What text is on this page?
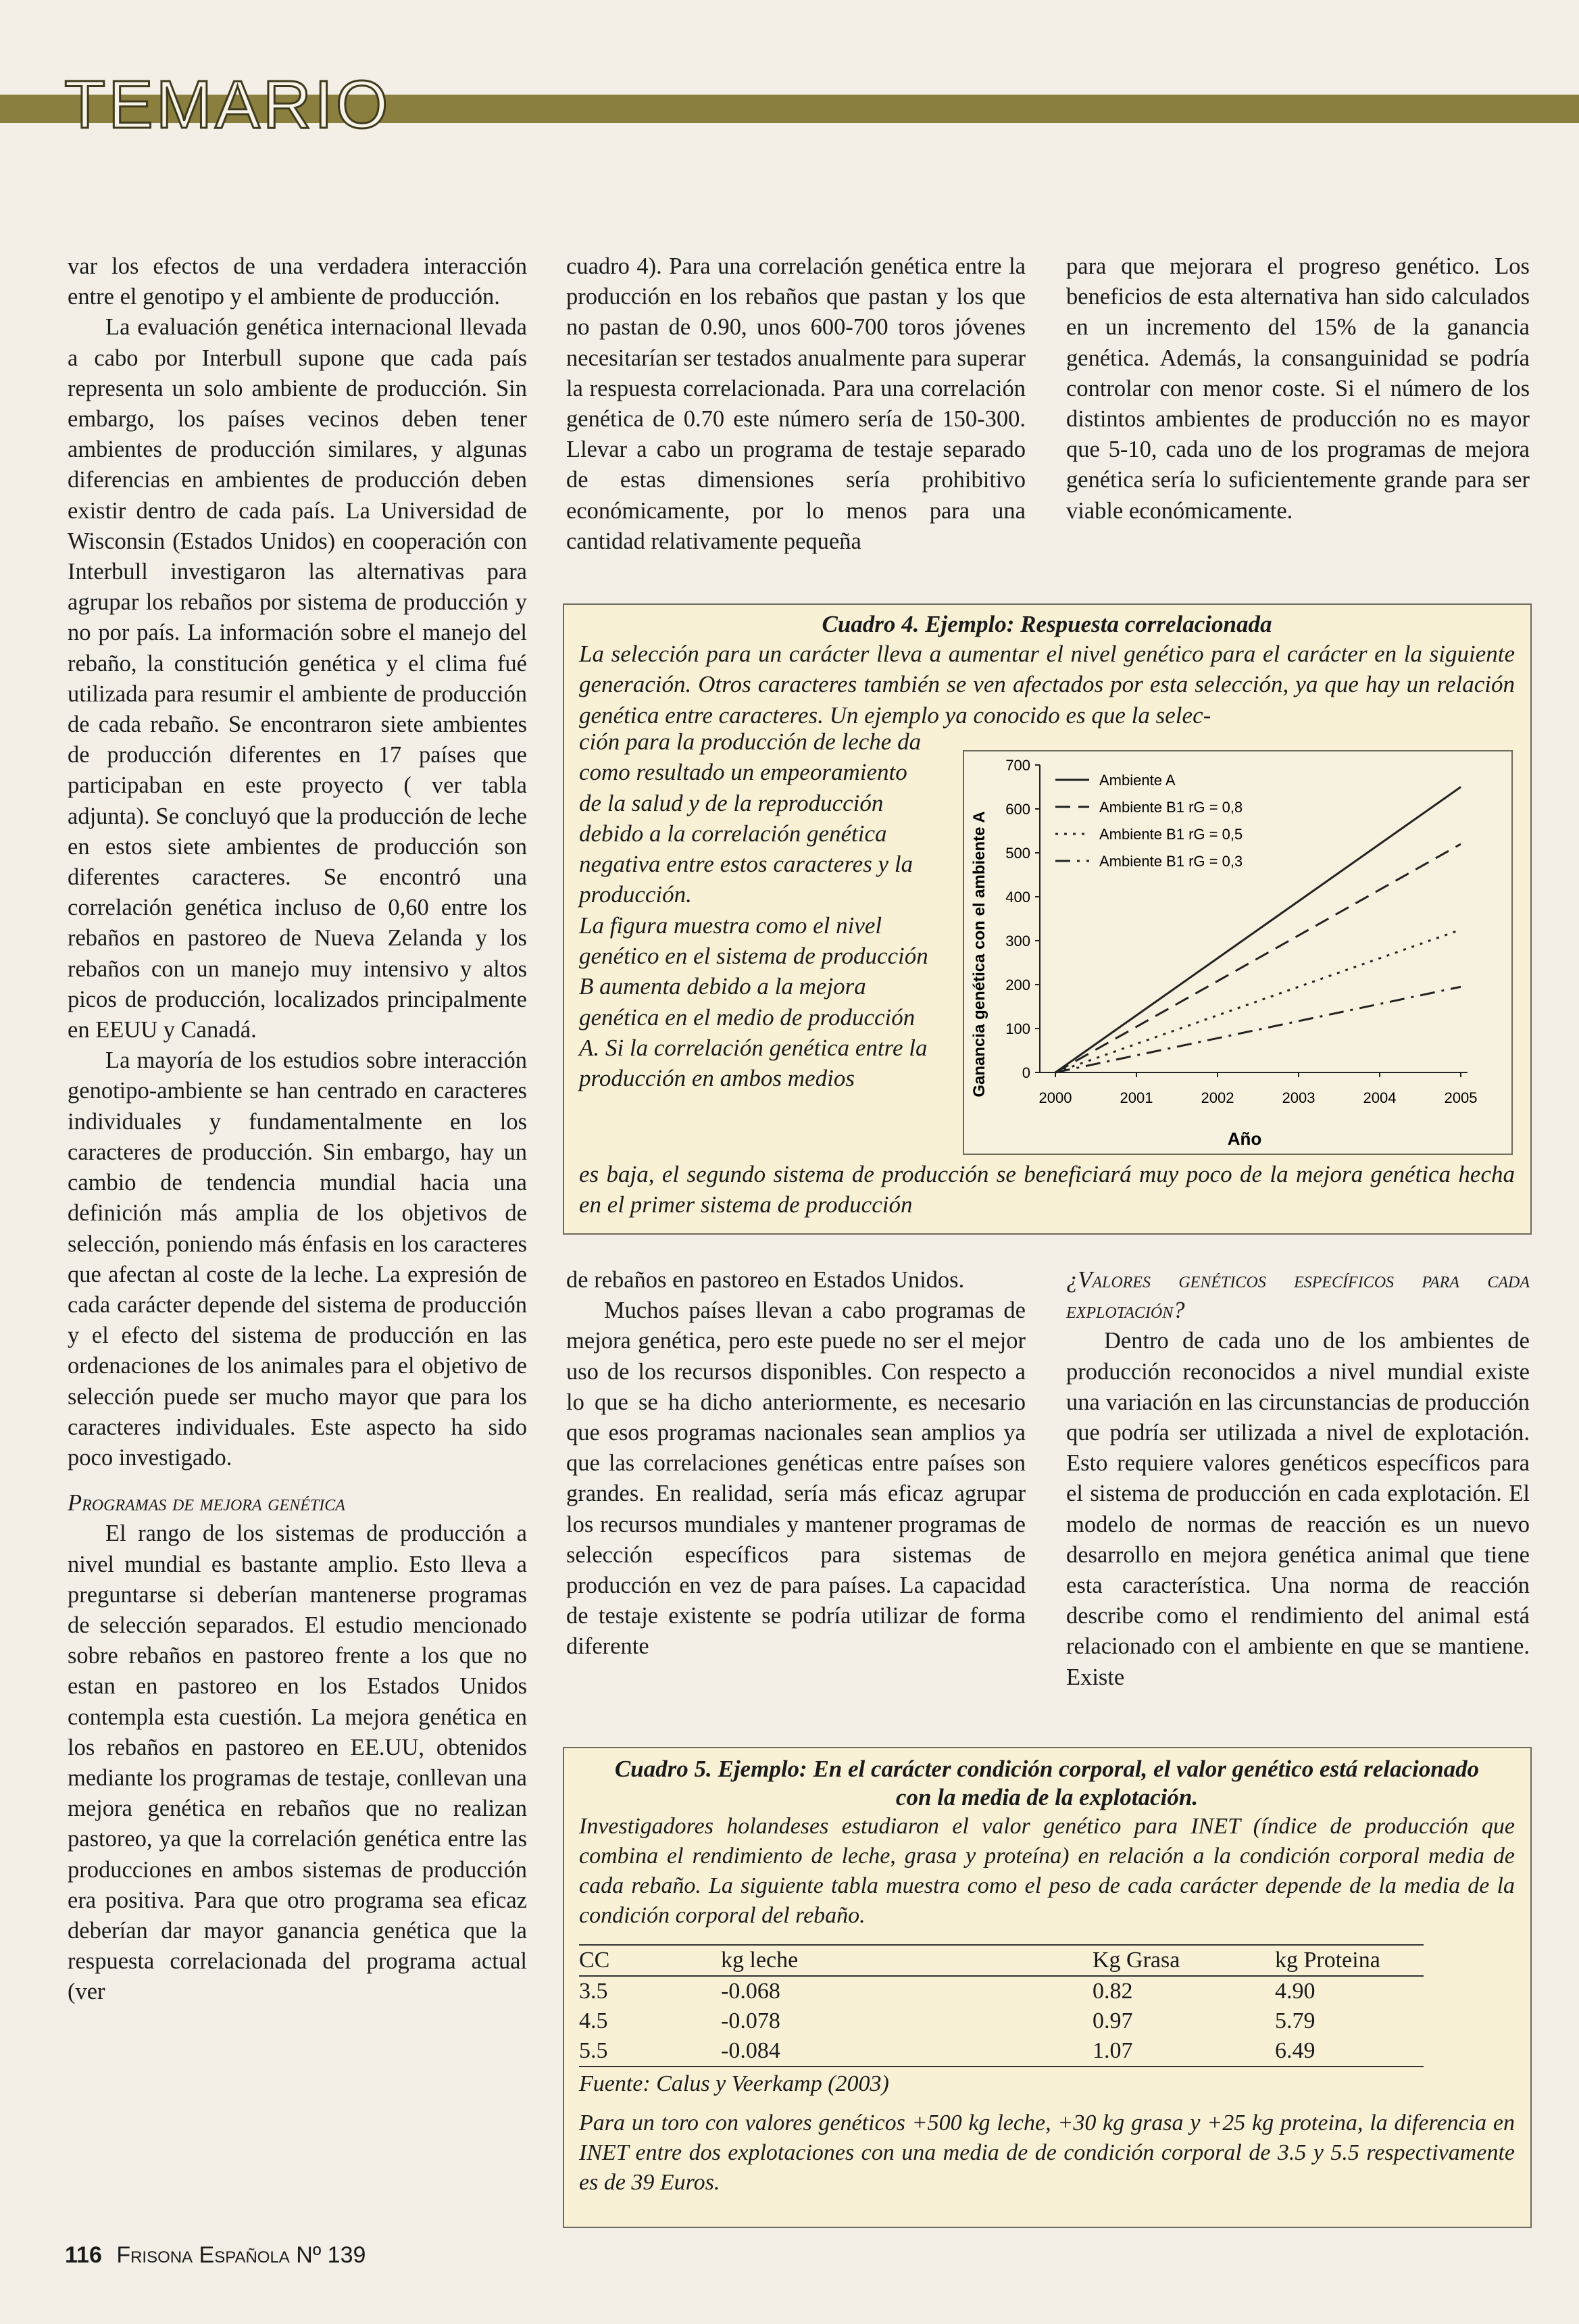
TEMARIO

var los efectos de una verdadera interacción entre el genotipo y el ambiente de producción.

La evaluación genética internacional llevada a cabo por Interbull supone que cada país representa un solo ambiente de producción. Sin embargo, los países vecinos deben tener ambientes de producción similares, y algunas diferencias en ambientes de producción deben existir dentro de cada país. La Universidad de Wisconsin (Estados Unidos) en cooperación con Interbull investigaron las alternativas para agrupar los rebaños por sistema de producción y no por país. La información sobre el manejo del rebaño, la constitución genética y el clima fué utilizada para resumir el ambiente de producción de cada rebaño. Se encontraron siete ambientes de producción diferentes en 17 países que participaban en este proyecto ( ver tabla adjunta). Se concluyó que la producción de leche en estos siete ambientes de producción son diferentes caracteres. Se encontró una correlación genética incluso de 0,60 entre los rebaños en pastoreo de Nueva Zelanda y los rebaños con un manejo muy intensivo y altos picos de producción, localizados principalmente en EEUU y Canadá.

La mayoría de los estudios sobre interacción genotipo-ambiente se han centrado en caracteres individuales y fundamentalmente en los caracteres de producción. Sin embargo, hay un cambio de tendencia mundial hacia una definición más amplia de los objetivos de selección, poniendo más énfasis en los caracteres que afectan al coste de la leche. La expresión de cada carácter depende del sistema de producción y el efecto del sistema de producción en las ordenaciones de los animales para el objetivo de selección puede ser mucho mayor que para los caracteres individuales. Este aspecto ha sido poco investigado.

Programas de mejora genética

El rango de los sistemas de producción a nivel mundial es bastante amplio. Esto lleva a preguntarse si deberían mantenerse programas de selección separados. El estudio mencionado sobre rebaños en pastoreo frente a los que no estan en pastoreo en los Estados Unidos contempla esta cuestión. La mejora genética en los rebaños en pastoreo en EE.UU, obtenidos mediante los programas de testaje, conllevan una mejora genética en rebaños que no realizan pastoreo, ya que la correlación genética entre las producciones en ambos sistemas de producción era positiva. Para que otro programa sea eficaz deberían dar mayor ganancia genética que la respuesta correlacionada del programa actual (ver

cuadro 4). Para una correlación genética entre la producción en los rebaños que pastan y los que no pastan de 0.90, unos 600-700 toros jóvenes necesitarían ser testados anualmente para superar la respuesta correlacionada. Para una correlación genética de 0.70 este número sería de 150-300. Llevar a cabo un programa de testaje separado de estas dimensiones sería prohibitivo económicamente, por lo menos para una cantidad relativamente pequeña

para que mejorara el progreso genético. Los beneficios de esta alternativa han sido calculados en un incremento del 15% de la ganancia genética. Además, la consanguinidad se podría controlar con menor coste. Si el número de los distintos ambientes de producción no es mayor que 5-10, cada uno de los programas de mejora genética sería lo suficientemente grande para ser viable económicamente.

Cuadro 4. Ejemplo: Respuesta correlacionada
La selección para un carácter lleva a aumentar el nivel genético para el carácter en la siguiente generación. Otros caracteres también se ven afectados por esta selección, ya que hay un relación genética entre caracteres. Un ejemplo ya conocido es que la selec-
ción para la producción de leche da como resultado un empeoramiento de la salud y de la reproducción debido a la correlación genética negativa entre estos caracteres y la producción.
La figura muestra como el nivel genético en el sistema de producción B aumenta debido a la mejora genética en el medio de producción A. Si la correlación genética entre la producción en ambos medios
es baja, el segundo sistema de producción se beneficiará muy poco de la mejora genética hecha en el primer sistema de producción
0
100
200
300
400
500
600
700
2000	2001	2002	2003	2004	2005
Ambiente A
Ambiente B1 rG = 0,8
Ambiente B1 rG = 0,5
Ambiente B1 rG = 0,3
Ganancia genética con el ambiente A
Año

de rebaños en pastoreo en Estados Unidos.

Muchos países llevan a cabo programas de mejora genética, pero este puede no ser el mejor uso de los recursos disponibles. Con respecto a lo que se ha dicho anteriormente, es necesario que esos programas nacionales sean amplios ya que las correlaciones genéticas entre países son grandes. En realidad, sería más eficaz agrupar los recursos mundiales y mantener programas de selección específicos para sistemas de producción en vez de para países. La capacidad de testaje existente se podría utilizar de forma diferente

¿Valores genéticos específicos para cada explotación?

Dentro de cada uno de los ambientes de producción reconocidos a nivel mundial existe una variación en las circunstancias de producción que podría ser utilizada a nivel de explotación. Esto requiere valores genéticos específicos para el sistema de producción en cada explotación. El modelo de normas de reacción es un nuevo desarrollo en mejora genética animal que tiene esta característica. Una norma de reacción describe como el rendimiento del animal está relacionado con el ambiente en que se mantiene. Existe

Cuadro 5. Ejemplo: En el carácter condición corporal, el valor genético está relacionado con la media de la explotación.
Investigadores holandeses estudiaron el valor genético para INET (índice de producción que combina el rendimiento de leche, grasa y proteína) en relación a la condición corporal media de cada rebaño. La siguiente tabla muestra como el peso de cada carácter depende de la media de la condición corporal del rebaño.
CC	kg leche	Kg Grasa	kg Proteina
3.5	-0.068	0.82	4.90
4.5	-0.078	0.97	5.79
5.5	-0.084	1.07	6.49
Fuente: Calus y Veerkamp (2003)
Para un toro con valores genéticos +500 kg leche, +30 kg grasa y +25 kg proteina, la diferencia en INET entre dos explotaciones con una media de de condición corporal de 3.5 y 5.5 respectivamente es de 39 Euros.
116 Frisona Española Nº 139
